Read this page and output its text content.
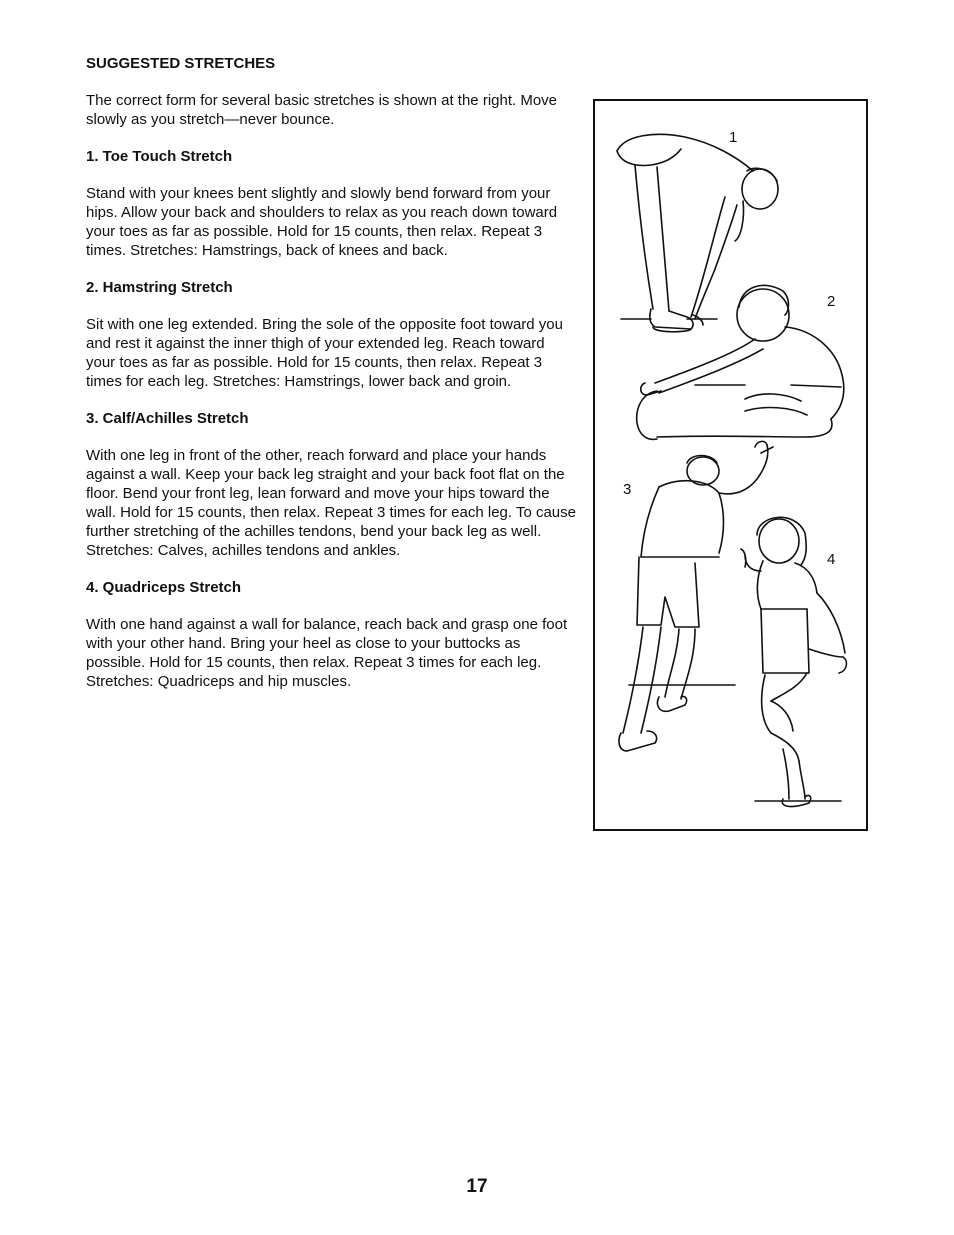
SUGGESTED STRETCHES

The correct form for several basic stretches is shown at the right. Move slowly as you stretch—never bounce.

1. Toe Touch Stretch

Stand with your knees bent slightly and slowly bend forward from your hips. Allow your back and shoulders to relax as you reach down toward your toes as far as possible. Hold for 15 counts, then relax. Repeat 3 times. Stretches: Hamstrings, back of knees and back.

2. Hamstring Stretch

Sit with one leg extended. Bring the sole of the opposite foot toward you and rest it against the inner thigh of your extended leg. Reach toward your toes as far as possible. Hold for 15 counts, then relax. Repeat 3 times for each leg. Stretches: Hamstrings, lower back and groin.

3. Calf/Achilles Stretch

With one leg in front of the other, reach forward and place your hands against a wall. Keep your back leg straight and your back foot flat on the floor. Bend your front leg, lean forward and move your hips toward the wall. Hold for 15 counts, then relax. Repeat 3 times for each leg. To cause further stretching of the achilles tendons, bend your back leg as well. Stretches: Calves, achilles tendons and ankles.

4. Quadriceps Stretch

With one hand against a wall for balance, reach back and grasp one foot with your other hand. Bring your heel as close to your buttocks as possible. Hold for 15 counts, then relax. Repeat 3 times for each leg. Stretches: Quadriceps and hip muscles.

1
2
3
4
17
